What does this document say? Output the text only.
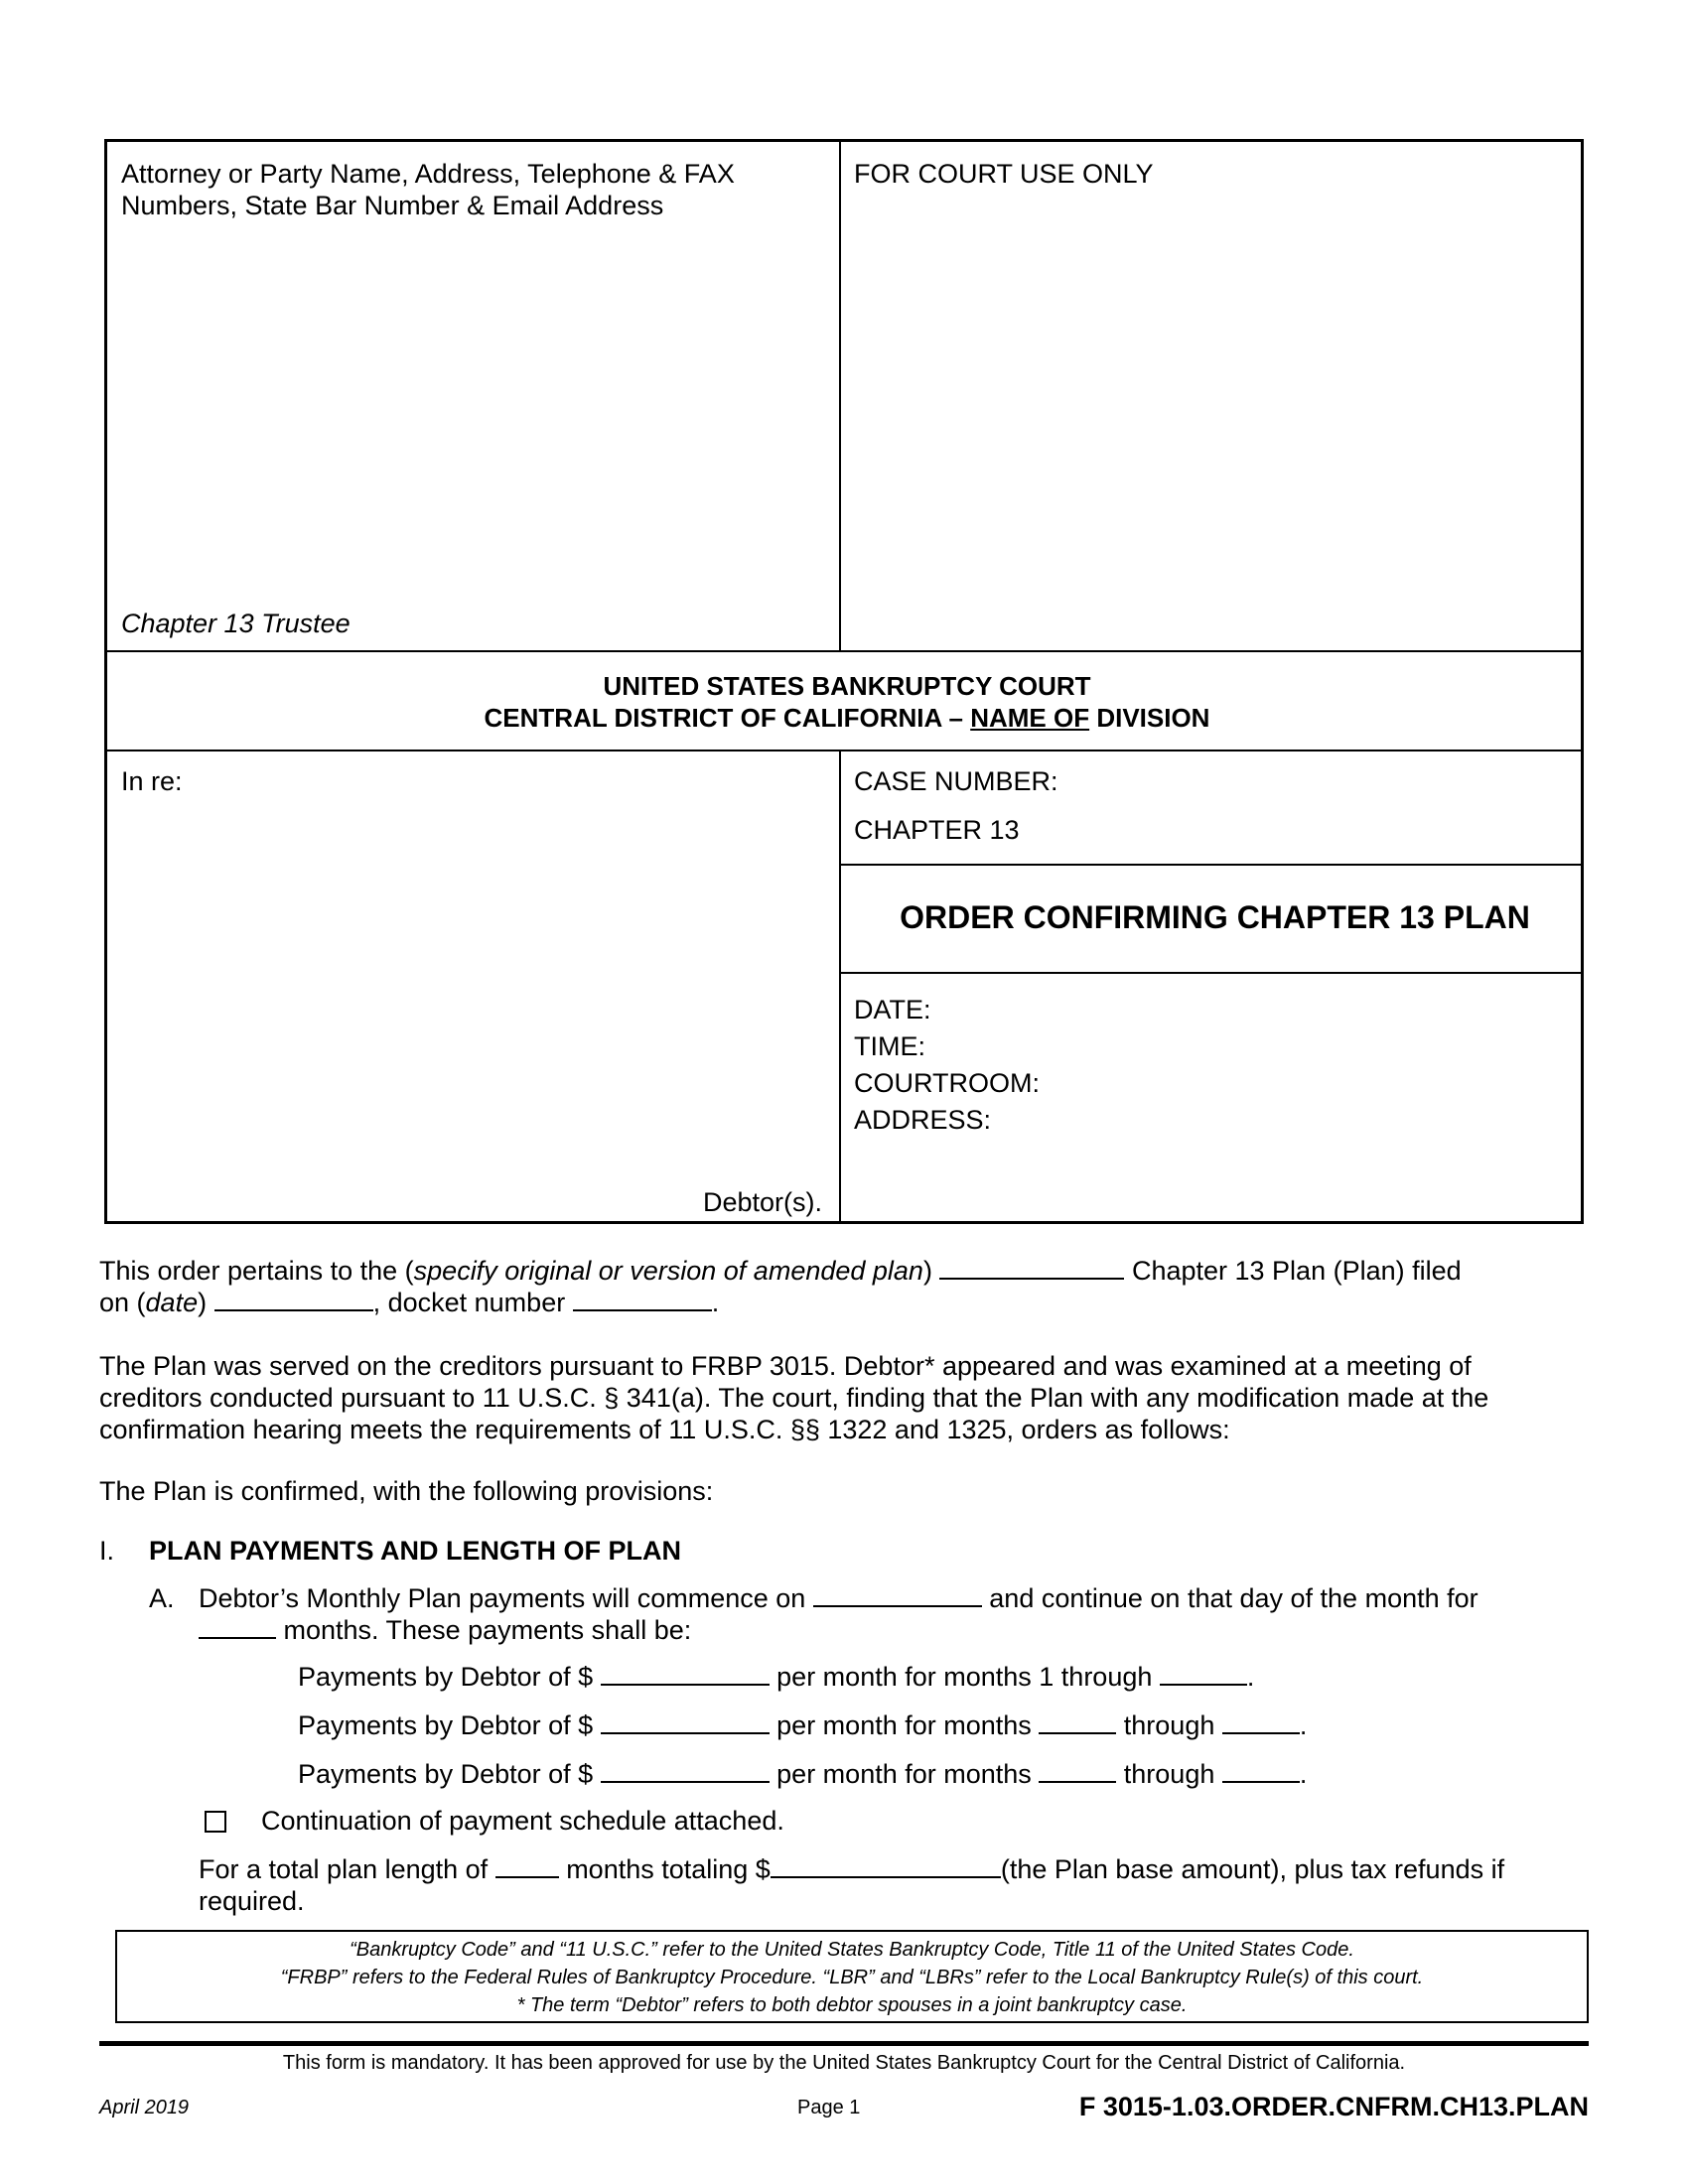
Attorney or Party Name, Address, Telephone & FAX
Numbers, State Bar Number & Email Address
FOR COURT USE ONLY
Chapter 13 Trustee
UNITED STATES BANKRUPTCY COURT
CENTRAL DISTRICT OF CALIFORNIA – NAME OF DIVISION
In re:
Debtor(s).
CASE NUMBER:
CHAPTER 13
ORDER CONFIRMING CHAPTER 13 PLAN
DATE:
TIME:
COURTROOM:
ADDRESS:
This order pertains to the (specify original or version of amended plan)	Chapter 13 Plan (Plan) filed
on (date)	, docket number	.
The Plan was served on the creditors pursuant to FRBP 3015. Debtor* appeared and was examined at a meeting of
creditors conducted pursuant to 11 U.S.C. § 341(a). The court, finding that the Plan with any modification made at the
confirmation hearing meets the requirements of 11 U.S.C. §§ 1322 and 1325, orders as follows:
The Plan is confirmed, with the following provisions:
I. PLAN PAYMENTS AND LENGTH OF PLAN
A. Debtor’s Monthly Plan payments will commence on	and continue on that day of the month for
months. These payments shall be:
Payments by Debtor of $	per month for months 1 through	.
Payments by Debtor of $	per month for months	through	.
Payments by Debtor of $	per month for months	through	.
Continuation of payment schedule attached.
For a total plan length of  months totaling $	(the Plan base amount), plus tax refunds if
required.
“Bankruptcy Code” and “11 U.S.C.” refer to the United States Bankruptcy Code, Title 11 of the United States Code.
“FRBP” refers to the Federal Rules of Bankruptcy Procedure. “LBR” and “LBRs” refer to the Local Bankruptcy Rule(s) of this court.
* The term “Debtor” refers to both debtor spouses in a joint bankruptcy case.
This form is mandatory. It has been approved for use by the United States Bankruptcy Court for the Central District of California.
April 2019	Page 1	F 3015-1.03.ORDER.CNFRM.CH13.PLAN
